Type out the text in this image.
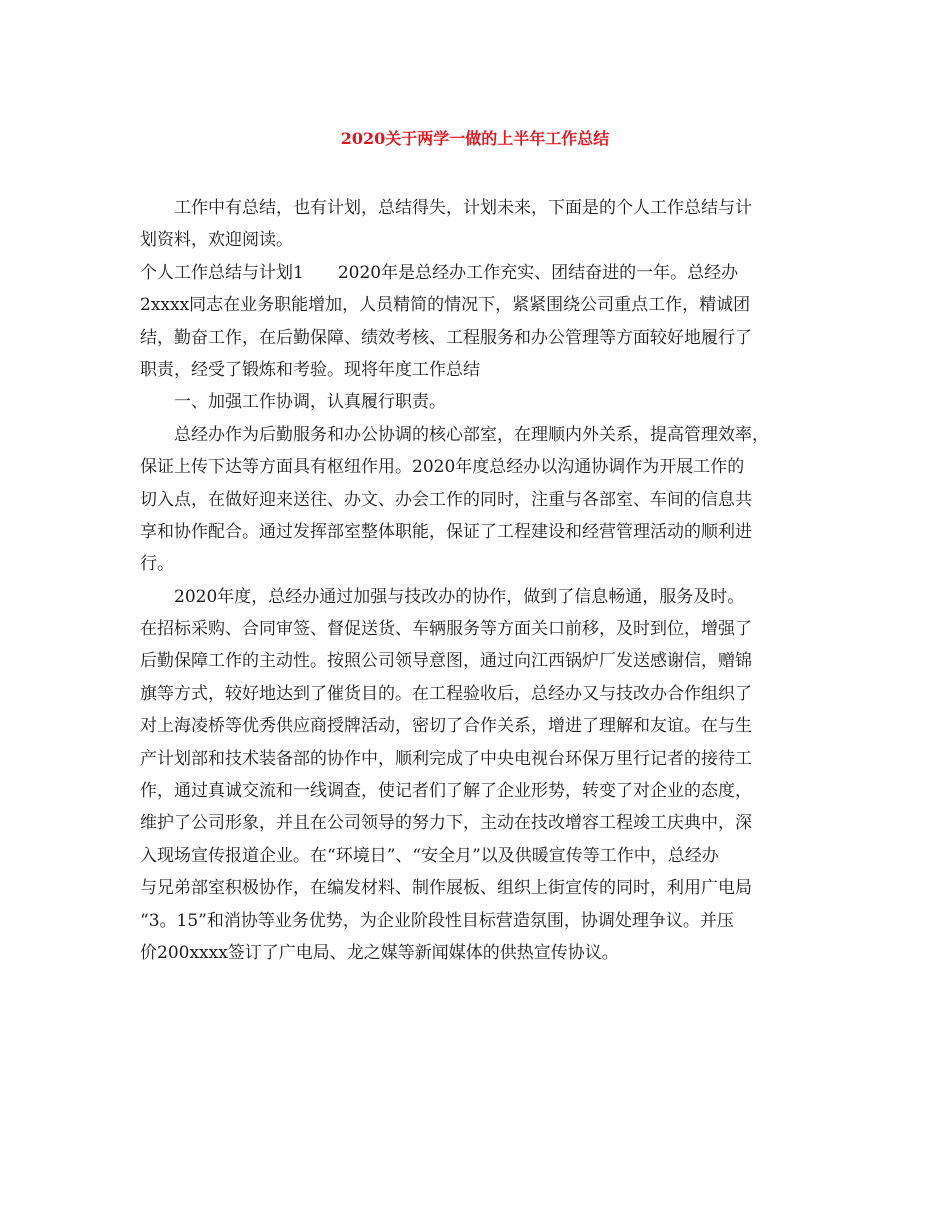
2020关于两学一做的上半年工作总结
工作中有总结，也有计划，总结得失，计划未来，下面是的个人工作总结与计
划资料，欢迎阅读。
个人工作总结与计划1　　2020年是总经办工作充实、团结奋进的一年。总经办
2xxxx同志在业务职能增加，人员精简的情况下，紧紧围绕公司重点工作，精诚团
结，勤奋工作，在后勤保障、绩效考核、工程服务和办公管理等方面较好地履行了
职责，经受了锻炼和考验。现将年度工作总结
一、加强工作协调，认真履行职责。
总经办作为后勤服务和办公协调的核心部室，在理顺内外关系，提高管理效率，
保证上传下达等方面具有枢纽作用。2020年度总经办以沟通协调作为开展工作的
切入点，在做好迎来送往、办文、办会工作的同时，注重与各部室、车间的信息共
享和协作配合。通过发挥部室整体职能，保证了工程建设和经营管理活动的顺利进
行。
2020年度，总经办通过加强与技改办的协作，做到了信息畅通，服务及时。
在招标采购、合同审签、督促送货、车辆服务等方面关口前移，及时到位，增强了
后勤保障工作的主动性。按照公司领导意图，通过向江西锅炉厂发送感谢信，赠锦
旗等方式，较好地达到了催货目的。在工程验收后，总经办又与技改办合作组织了
对上海凌桥等优秀供应商授牌活动，密切了合作关系，增进了理解和友谊。在与生
产计划部和技术装备部的协作中，顺利完成了中央电视台环保万里行记者的接待工
作，通过真诚交流和一线调查，使记者们了解了企业形势，转变了对企业的态度，
维护了公司形象，并且在公司领导的努力下，主动在技改增容工程竣工庆典中，深
入现场宣传报道企业。在“环境日”、“安全月”以及供暖宣传等工作中，总经办
与兄弟部室积极协作，在编发材料、制作展板、组织上街宣传的同时，利用广电局
“3。15”和消协等业务优势，为企业阶段性目标营造氛围，协调处理争议。并压
价200xxxx签订了广电局、龙之媒等新闻媒体的供热宣传协议。
